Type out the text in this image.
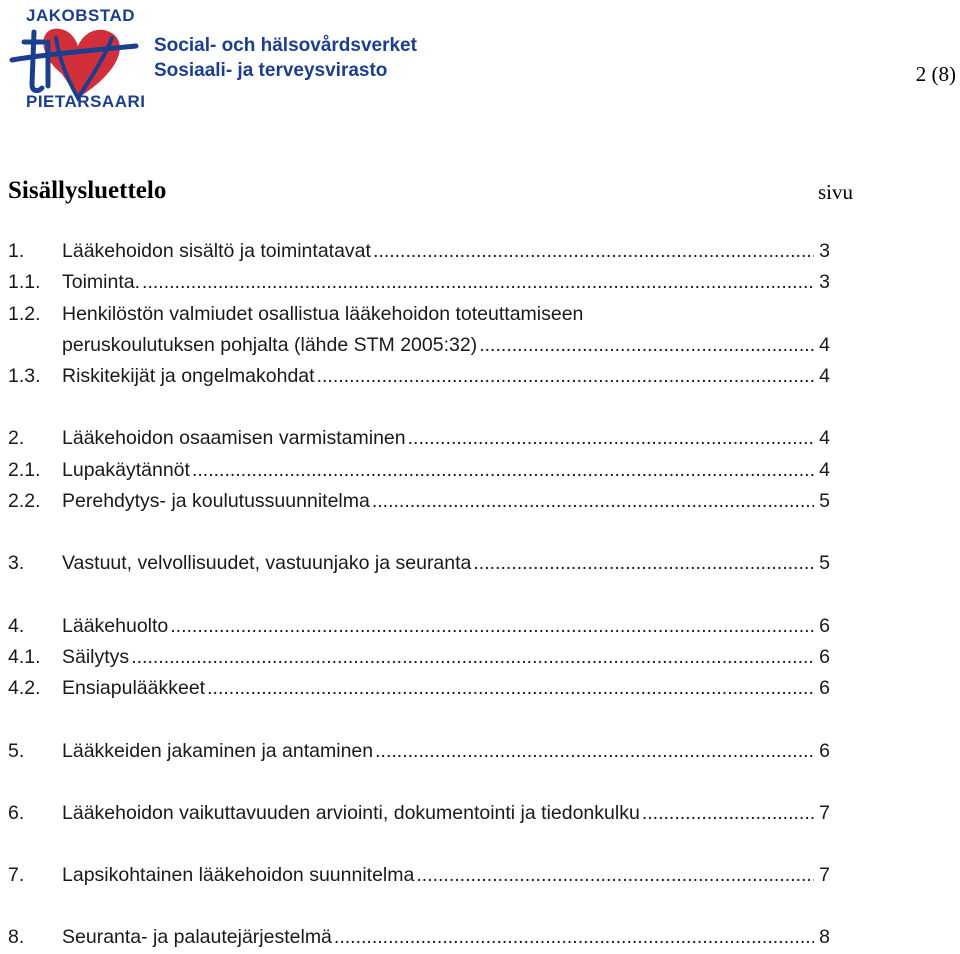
JAKOBSTAD

PIETARSAARI

Social- och hälsovårdsverket

Sosiaali- ja terveysvirasto	2 (8)

Sisällysluettelo	sivu

1.	Lääkehoidon sisältö ja toimintatavat .....	3
1.1.	Toiminta. .....	3
1.2.	Henkilöstön valmiudet osallistua lääkehoidon toteuttamiseen
peruskoulutuksen pohjalta (lähde STM 2005:32) .....	4
1.3.	Riskitekijät ja ongelmakohdat .....	4
2.	Lääkehoidon osaamisen varmistaminen .....	4
2.1.	Lupakäytännöt .....	4
2.2.	Perehdytys- ja koulutussuunnitelma .....	5
3.	Vastuut, velvollisuudet, vastuunjako ja seuranta .....	5
4.	Lääkehuolto .....	6
4.1.	Säilytys .....	6
4.2.	Ensiapulääkkeet .....	6
5.	Lääkkeiden jakaminen ja antaminen .....	6
6.	Lääkehoidon vaikuttavuuden arviointi, dokumentointi ja tiedonkulku .....	7
7.	Lapsikohtainen lääkehoidon suunnitelma .....	7
8.	Seuranta- ja palautejärjestelmä .....	8
